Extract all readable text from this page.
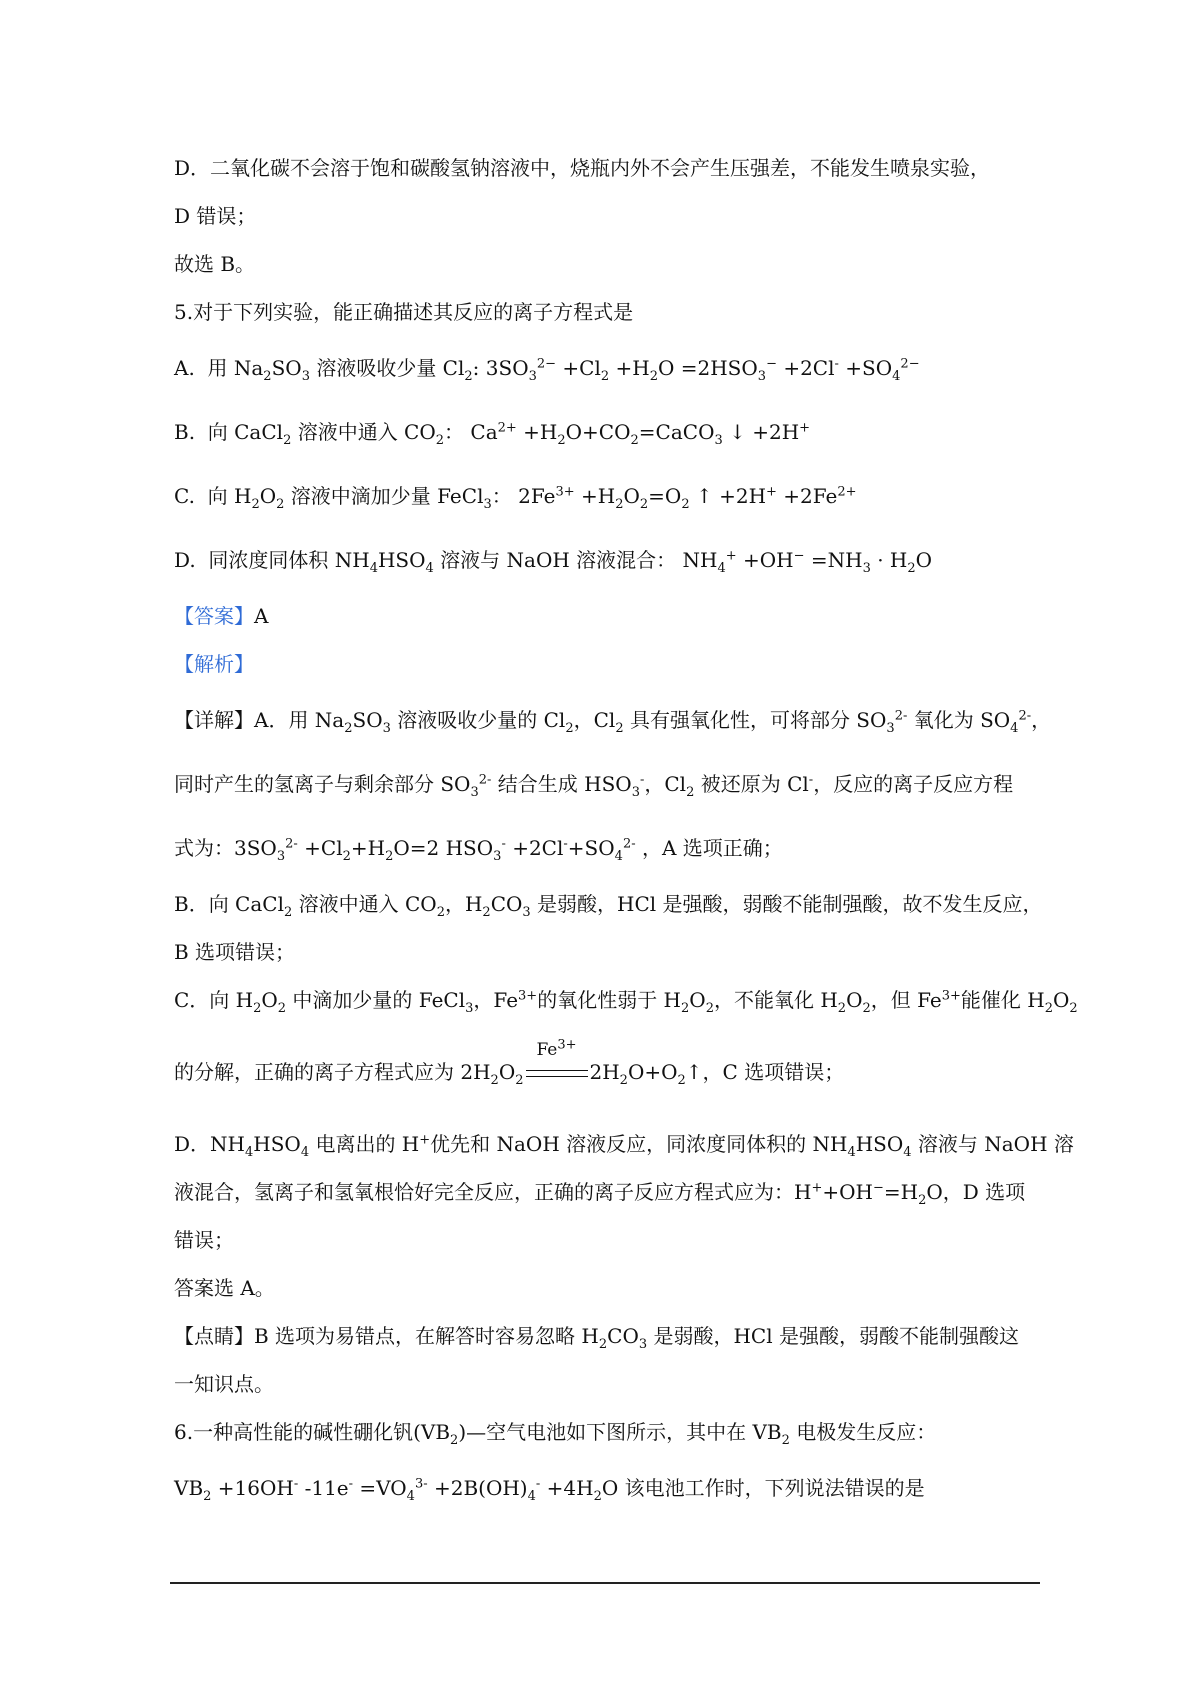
D．二氧化碳不会溶于饱和碳酸氢钠溶液中，烧瓶内外不会产生压强差，不能发生喷泉实验，
D 错误；
故选 B。
5.对于下列实验，能正确描述其反应的离子方程式是
A.  用 $Na_2SO_3$ 溶液吸收少量 $Cl_2$: $3SO_3^{2-} +Cl_2 +H_2O =2HSO_3^- +2Cl^- +SO_4^{2-}$
B.  向 CaCl$_2$ 溶液中通入 $CO_2$： $Ca^{2+}$ $+H_2O+CO_2=CaCO_3$ ↓ +2H+
C.  向 $H_2O_2$ 溶液中滴加少量 FeCl$_3$： $2Fe^{3+} +H_2O_2=O_2$ ↑ $+2H^+ +2Fe^{2+}$
D.  同浓度同体积 $NH_4HSO_4$ 溶液与 NaOH 溶液混合： $NH_4^+ +OH^- =NH_3 \cdot H_2O$
【答案】A
【解析】
【详解】A．用 $Na_2SO_3$ 溶液吸收少量的 $Cl_2$，$Cl_2$ 具有强氧化性，可将部分 $SO_3^{2-}$ 氧化为 $SO_4^{2-}$，
同时产生的氢离子与剩余部分 $SO_3^{2-}$ 结合生成 $HSO_3^-$，$Cl_2$ 被还原为 Cl-，反应的离子反应方程
式为：$3SO_3^{2-} +Cl_2+H_2O=2$ $HSO_3^- +2Cl^-+SO_4^{2-}$ ，A 选项正确；
B．向 CaCl$_2$ 溶液中通入 $CO_2$，$H_2CO_3$ 是弱酸，HCl 是强酸，弱酸不能制强酸，故不发生反应，
B 选项错误；
C．向 $H_2O_2$ 中滴加少量的 FeCl$_3$，$Fe^{3+}$的氧化性弱于 $H_2O_2$，不能氧化 $H_2O_2$，但 $Fe^{3+}$能催化 $H_2O_2$
的分解，正确的离子方程式应为 $2H_2O_2$
$Fe^{3+}$
$2H_2O+O_2↑$，C 选项错误；
D．$NH_4HSO_4$ 电离出的 H+优先和 NaOH 溶液反应，同浓度同体积的 $NH_4HSO_4$ 溶液与 NaOH 溶
液混合，氢离子和氢氧根恰好完全反应，正确的离子反应方程式应为：$H^++OH^-=H_2O$，D 选项
错误；
答案选 A。
【点睛】B 选项为易错点，在解答时容易忽略 $H_2CO_3$ 是弱酸，HCl 是强酸，弱酸不能制强酸这
一知识点。
6.一种高性能的碱性硼化钒$(VB_2)—$空气电池如下图所示，其中在 $VB_2$ 电极发生反应：
$VB_2 +16OH^-$ $-11e^- =VO_4^{3-} +2B(OH)_4^- +4H_2O$ 该电池工作时，下列说法错误的是
